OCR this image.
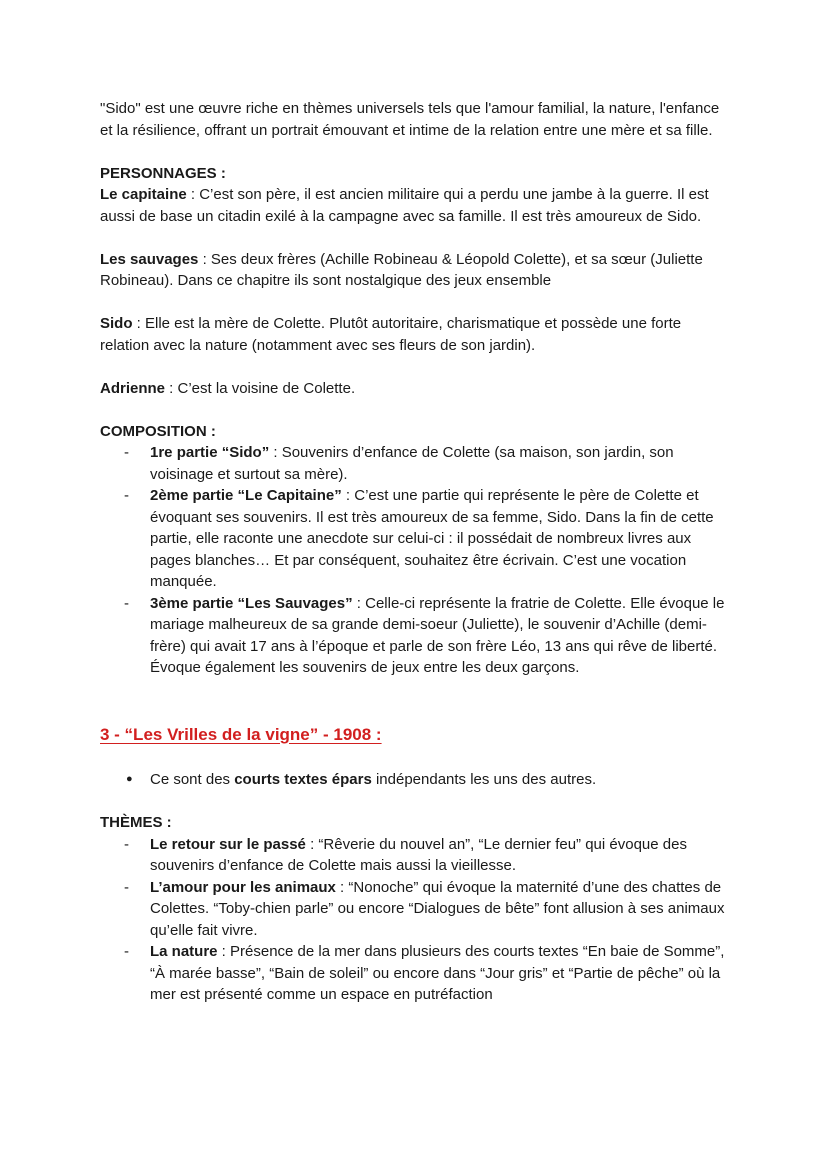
"Sido" est une œuvre riche en thèmes universels tels que l'amour familial, la nature, l'enfance et la résilience, offrant un portrait émouvant et intime de la relation entre une mère et sa fille.

PERSONNAGES :

Le capitaine : C’est son père, il est ancien militaire qui a perdu une jambe à la guerre. Il est aussi de base un citadin exilé à la campagne avec sa famille. Il est très amoureux de Sido.

Les sauvages : Ses deux frères (Achille Robineau & Léopold Colette), et sa sœur (Juliette Robineau). Dans ce chapitre ils sont nostalgique des jeux ensemble

Sido : Elle est la mère de Colette. Plutôt autoritaire, charismatique et possède une forte relation avec la nature (notamment avec ses fleurs de son jardin).

Adrienne : C’est la voisine de Colette.

COMPOSITION :

- 1re partie “Sido” : Souvenirs d’enfance de Colette (sa maison, son jardin, son voisinage et surtout sa mère).
- 2ème partie “Le Capitaine” : C’est une partie qui représente le père de Colette et évoquant ses souvenirs. Il est très amoureux de sa femme, Sido. Dans la fin de cette partie, elle raconte une anecdote sur celui-ci : il possédait de nombreux livres aux pages blanches… Et par conséquent, souhaitez être écrivain. C’est une vocation manquée.
- 3ème partie “Les Sauvages” : Celle-ci représente la fratrie de Colette. Elle évoque le mariage malheureux de sa grande demi-soeur (Juliette), le souvenir d’Achille (demi-frère) qui avait 17 ans à l’époque et parle de son frère Léo, 13 ans qui rêve de liberté. Évoque également les souvenirs de jeux entre les deux garçons.

3 - “Les Vrilles de la vigne” - 1908 :

● Ce sont des courts textes épars indépendants les uns des autres.

THÈMES :

- Le retour sur le passé : “Rêverie du nouvel an”, “Le dernier feu” qui évoque des souvenirs d’enfance de Colette mais aussi la vieillesse.
- L’amour pour les animaux : “Nonoche” qui évoque la maternité d’une des chattes de Colettes. “Toby-chien parle” ou encore “Dialogues de bête” font allusion à ses animaux qu’elle fait vivre.
- La nature : Présence de la mer dans plusieurs des courts textes “En baie de Somme”, “À marée basse”, “Bain de soleil” ou encore dans “Jour gris” et “Partie de pêche” où la mer est présenté comme un espace en putréfaction
